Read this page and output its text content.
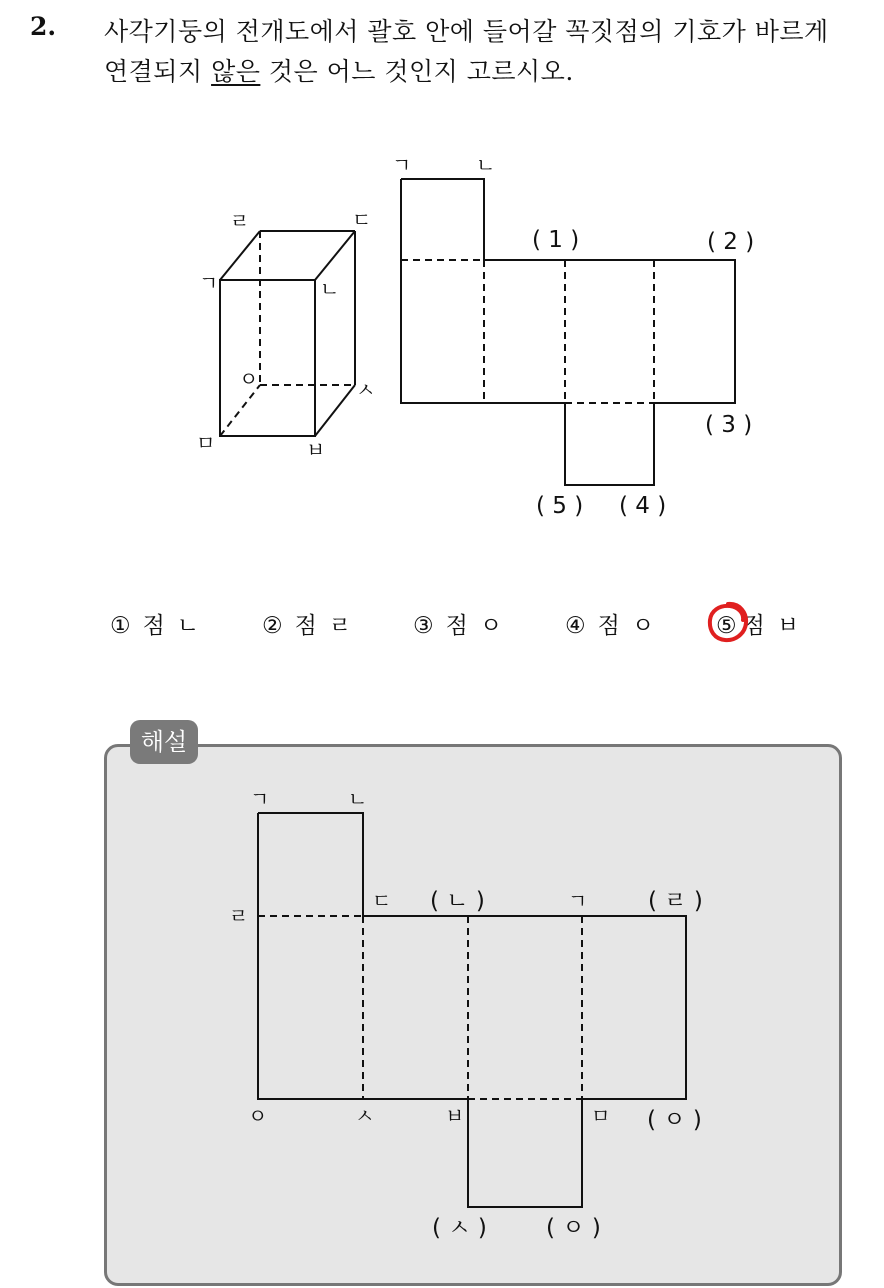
2. 사각기둥의 전개도에서 괄호 안에 들어갈 꼭짓점의 기호가 바르게
연결되지 않은 것은 어느 것인지 고르시오.
ㄹ	ㄷ
ㄱ	ㄴ
ㅇ	ㅅ
ㅁ	ㅂ
ㄱ	ㄴ
( 1 )	( 2 )
( 3 )
( 5 ) ( 4 )
① 점 ㄴ	② 점 ㄹ	③ 점 ㅇ	④ 점 ㅇ	⑤ 점 ㅂ
해설
ㄱ	ㄴ
ㄹ
ㄷ ( ㄴ )	ㄱ	( ㄹ )
ㅇ	ㅅ	ㅂ	ㅁ ( ㅇ )
( ㅅ )	( ㅇ )
